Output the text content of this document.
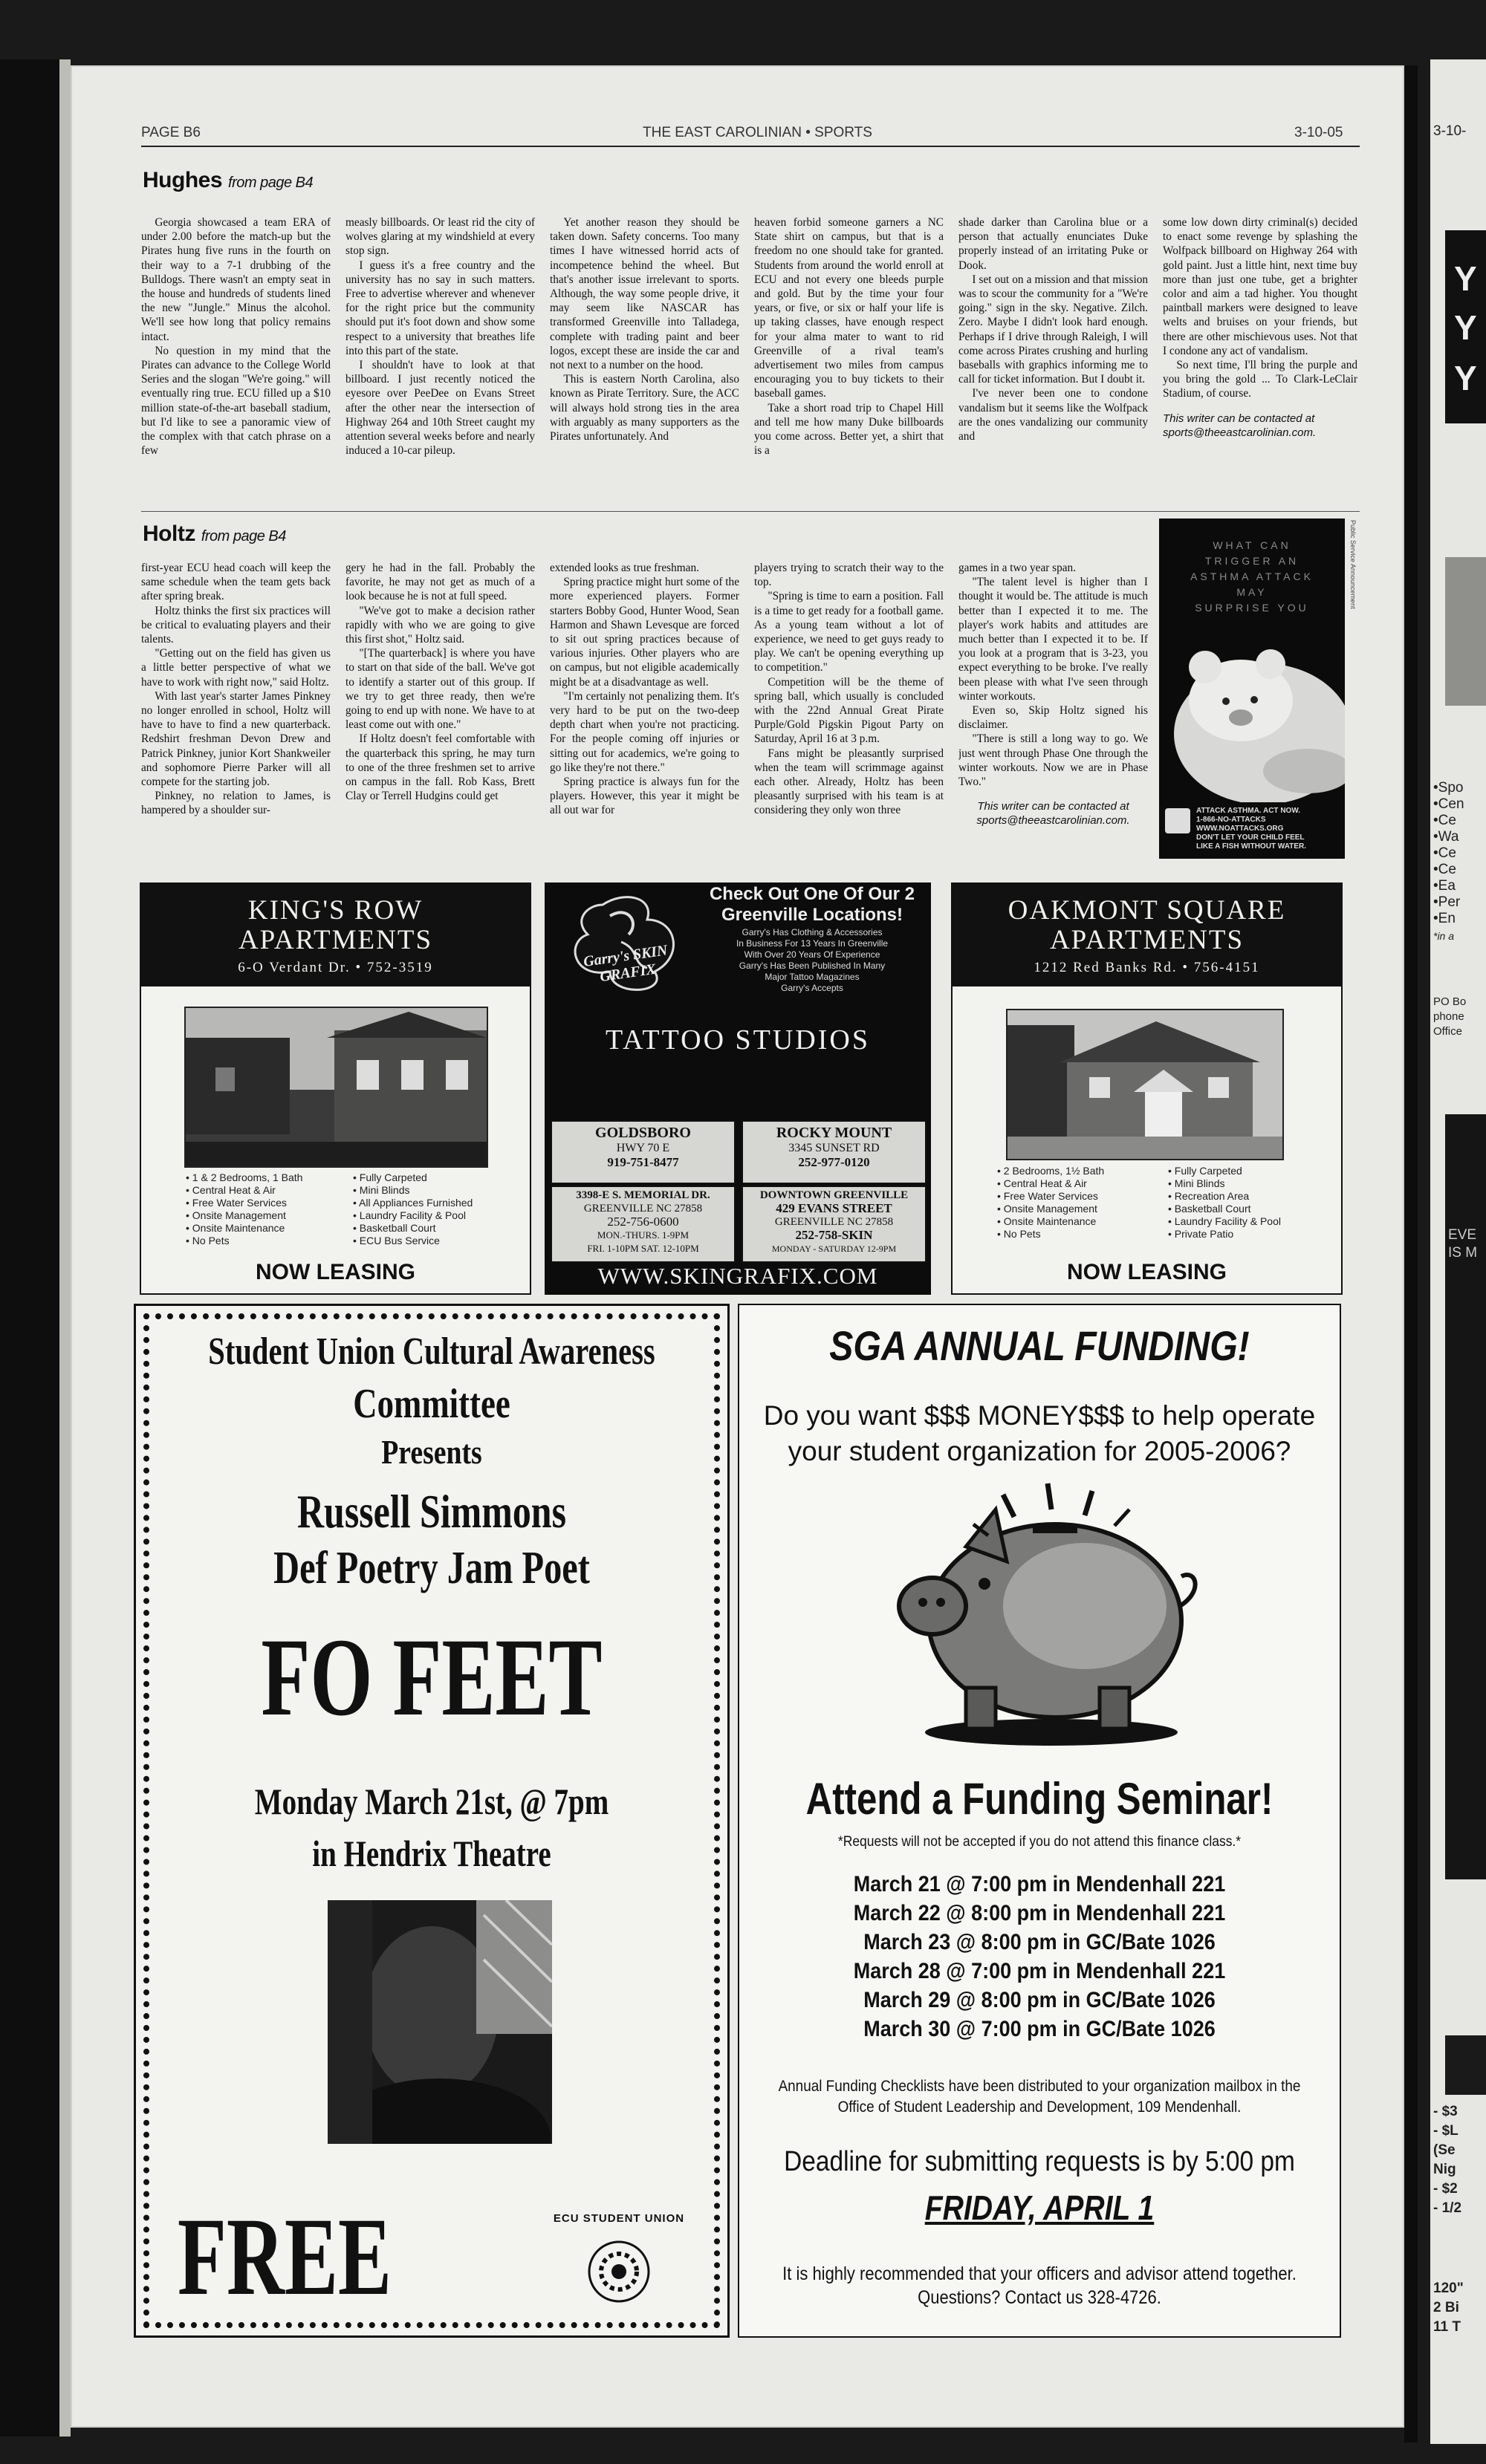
3-10-
Y
Y
Y
•Spo
•Cen
•Ce
•Wa
•Ce
•Ce
•Ea
•Per
•En
*in a
PO Bo
phone
Office
EVE
IS M
- $3
- $L
(Se
Nig
- $2
- 1/2
120"
2 Bi
11 T
PAGE B6	THE EAST CAROLINIAN • SPORTS	3-10-05
Hughes from page B4

Georgia showcased a team ERA of under 2.00 before the match-up but the Pirates hung five runs in the fourth on their way to a 7-1 drubbing of the Bulldogs. There wasn't an empty seat in the house and hundreds of students lined the new "Jungle." Minus the alcohol. We'll see how long that policy remains intact.

No question in my mind that the Pirates can advance to the College World Series and the slogan "We're going." will eventually ring true. ECU filled up a $10 million state-of-the-art baseball stadium, but I'd like to see a panoramic view of the complex with that catch phrase on a few

measly billboards. Or least rid the city of wolves glaring at my windshield at every stop sign.

I guess it's a free country and the university has no say in such matters. Free to advertise wherever and whenever for the right price but the community should put it's foot down and show some respect to a university that breathes life into this part of the state.

I shouldn't have to look at that billboard. I just recently noticed the eyesore over PeeDee on Evans Street after the other near the intersection of Highway 264 and 10th Street caught my attention several weeks before and nearly induced a 10-car pileup.

Yet another reason they should be taken down. Safety concerns. Too many times I have witnessed horrid acts of incompetence behind the wheel. But that's another issue irrelevant to sports. Although, the way some people drive, it may seem like NASCAR has transformed Greenville into Talladega, complete with trading paint and beer logos, except these are inside the car and not next to a number on the hood.

This is eastern North Carolina, also known as Pirate Territory. Sure, the ACC will always hold strong ties in the area with arguably as many supporters as the Pirates unfortunately. And

heaven forbid someone garners a NC State shirt on campus, but that is a freedom no one should take for granted. Students from around the world enroll at ECU and not every one bleeds purple and gold. But by the time your four years, or five, or six or half your life is up taking classes, have enough respect for your alma mater to want to rid Greenville of a rival team's advertisement two miles from campus encouraging you to buy tickets to their baseball games.

Take a short road trip to Chapel Hill and tell me how many Duke billboards you come across. Better yet, a shirt that is a

shade darker than Carolina blue or a person that actually enunciates Duke properly instead of an irritating Puke or Dook.

I set out on a mission and that mission was to scour the community for a "We're going." sign in the sky. Negative. Zilch. Zero. Maybe I didn't look hard enough. Perhaps if I drive through Raleigh, I will come across Pirates crushing and hurling baseballs with graphics informing me to call for ticket information. But I doubt it.

I've never been one to condone vandalism but it seems like the Wolfpack are the ones vandalizing our community and

some low down dirty criminal(s) decided to enact some revenge by splashing the Wolfpack billboard on Highway 264 with gold paint. Just a little hint, next time buy more than just one tube, get a brighter color and aim a tad higher. You thought paintball markers were designed to leave welts and bruises on your friends, but there are other mischievous uses. Not that I condone any act of vandalism.

So next time, I'll bring the purple and you bring the gold ... To Clark-LeClair Stadium, of course.

This writer can be contacted at sports@theeastcarolinian.com.

Holtz from page B4

first-year ECU head coach will keep the same schedule when the team gets back after spring break.

Holtz thinks the first six practices will be critical to evaluating players and their talents.

"Getting out on the field has given us a little better perspective of what we have to work with right now," said Holtz.

With last year's starter James Pinkney no longer enrolled in school, Holtz will have to have to find a new quarterback. Redshirt freshman Devon Drew and Patrick Pinkney, junior Kort Shankweiler and sophomore Pierre Parker will all compete for the starting job.

Pinkney, no relation to James, is hampered by a shoulder sur-

gery he had in the fall. Probably the favorite, he may not get as much of a look because he is not at full speed.

"We've got to make a decision rather rapidly with who we are going to give this first shot," Holtz said.

"[The quarterback] is where you have to start on that side of the ball. We've got to identify a starter out of this group. If we try to get three ready, then we're going to end up with none. We have to at least come out with one."

If Holtz doesn't feel comfortable with the quarterback this spring, he may turn to one of the three freshmen set to arrive on campus in the fall. Rob Kass, Brett Clay or Terrell Hudgins could get

extended looks as true freshman.

Spring practice might hurt some of the more experienced players. Former starters Bobby Good, Hunter Wood, Sean Harmon and Shawn Levesque are forced to sit out spring practices because of various injuries. Other players who are on campus, but not eligible academically might be at a disadvantage as well.

"I'm certainly not penalizing them. It's very hard to be put on the two-deep depth chart when you're not practicing. For the people coming off injuries or sitting out for academics, we're going to go like they're not there."

Spring practice is always fun for the players. However, this year it might be all out war for

players trying to scratch their way to the top.

"Spring is time to earn a position. Fall is a time to get ready for a football game. As a young team without a lot of experience, we need to get guys ready to play. We can't be opening everything up to competition."

Competition will be the theme of spring ball, which usually is concluded with the 22nd Annual Great Pirate Purple/Gold Pigskin Pigout Party on Saturday, April 16 at 3 p.m.

Fans might be pleasantly surprised when the team will scrimmage against each other. Already, Holtz has been pleasantly surprised with his team is at considering they only won three

games in a two year span.

"The talent level is higher than I thought it would be. The attitude is much better than I expected it to me. The player's work habits and attitudes are much better than I expected it to be. If you look at a program that is 3-23, you expect everything to be broke. I've really been please with what I've seen through winter workouts.

Even so, Skip Holtz signed his disclaimer.

"There is still a long way to go. We just went through Phase One through the winter workouts. Now we are in Phase Two."

This writer can be contacted at sports@theeastcarolinian.com.

WHAT CAN
TRIGGER AN
ASTHMA ATTACK
MAY
SURPRISE YOU
ATTACK ASTHMA. ACT NOW.
1-866-NO-ATTACKS
WWW.NOATTACKS.ORG
DON'T LET YOUR CHILD FEEL
LIKE A FISH WITHOUT WATER.
Public Service Announcement
KING'S ROW
APARTMENTS
6-O Verdant Dr. • 752-3519
• 1 & 2 Bedrooms, 1 Bath
• Central Heat & Air
• Free Water Services
• Onsite Management
• Onsite Maintenance
• No Pets
• Fully Carpeted
• Mini Blinds
• All Appliances Furnished
• Laundry Facility & Pool
• Basketball Court
• ECU Bus Service
NOW LEASING
Check Out One Of Our 2
Greenville Locations!
Garry's Has Clothing & Accessories
In Business For 13 Years In Greenville
With Over 20 Years Of Experience
Garry's Has Been Published In Many
Major Tattoo Magazines
Garry's Accepts
Garry's SKIN GRAFIX
TATTOO STUDIOS
GOLDSBORO
HWY 70 E
919-751-8477
ROCKY MOUNT
3345 SUNSET RD
252-977-0120
3398-E S. MEMORIAL DR.
GREENVILLE NC 27858
252-756-0600
MON.-THURS. 1-9PM
FRI. 1-10PM SAT. 12-10PM
DOWNTOWN GREENVILLE
429 EVANS STREET
GREENVILLE NC 27858
252-758-SKIN
MONDAY - SATURDAY 12-9PM
WWW.SKINGRAFIX.COM
OAKMONT SQUARE
APARTMENTS
1212 Red Banks Rd. • 756-4151
• 2 Bedrooms, 1½ Bath
• Central Heat & Air
• Free Water Services
• Onsite Management
• Onsite Maintenance
• No Pets
• Fully Carpeted
• Mini Blinds
• Recreation Area
• Basketball Court
• Laundry Facility & Pool
• Private Patio
NOW LEASING
Student Union Cultural Awareness
Committee
Presents
Russell Simmons
Def Poetry Jam Poet
FO FEET
Monday March 21st, @ 7pm
in Hendrix Theatre
FREE	ECU STUDENT UNION
SGA ANNUAL FUNDING!
Do you want $$$ MONEY$$$ to help operate
your student organization for 2005-2006?
Attend a Funding Seminar!
*Requests will not be accepted if you do not attend this finance class.*
March 21 @ 7:00 pm in Mendenhall 221
March 22 @ 8:00 pm in Mendenhall 221
March 23 @ 8:00 pm in GC/Bate 1026
March 28 @ 7:00 pm in Mendenhall 221
March 29 @ 8:00 pm in GC/Bate 1026
March 30 @ 7:00 pm in GC/Bate 1026
Annual Funding Checklists have been distributed to your organization mailbox in the
Office of Student Leadership and Development, 109 Mendenhall.
Deadline for submitting requests is by 5:00 pm
FRIDAY, APRIL 1
It is highly recommended that your officers and advisor attend together.
Questions? Contact us 328-4726.
